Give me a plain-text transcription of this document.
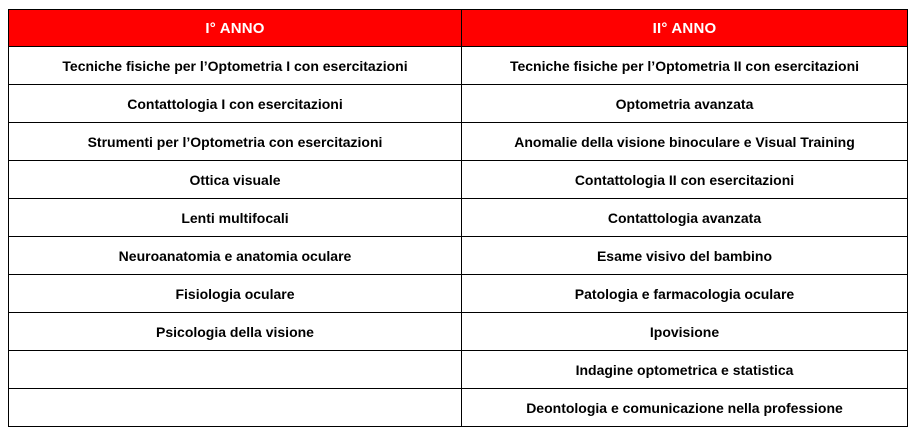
I° ANNO	II° ANNO
Tecniche fisiche per l’Optometria I con esercitazioni	Tecniche fisiche per l’Optometria II con esercitazioni
Contattologia I con esercitazioni	Optometria avanzata
Strumenti per l’Optometria con esercitazioni	Anomalie della visione binoculare e Visual Training
Ottica visuale	Contattologia II con esercitazioni
Lenti multifocali	Contattologia avanzata
Neuroanatomia e anatomia oculare	Esame visivo del bambino
Fisiologia oculare	Patologia e farmacologia oculare
Psicologia della visione	Ipovisione
	Indagine optometrica e statistica
	Deontologia e comunicazione nella professione
